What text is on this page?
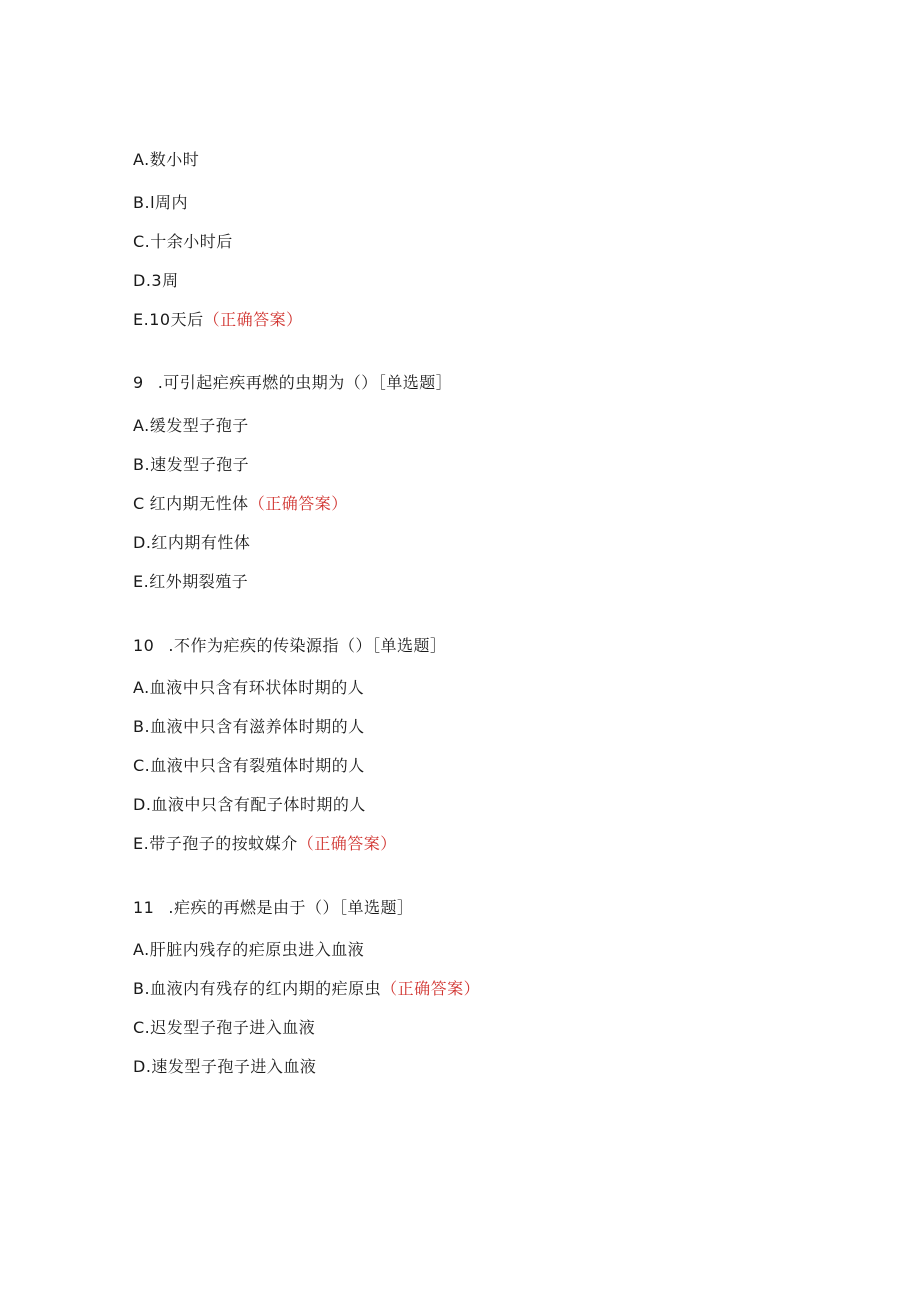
A.数小时
B.l周内
C.十余小时后
D.3周
E.10天后（正确答案）
9 .可引起疟疾再燃的虫期为（）［单选题］
A.缓发型子孢子
B.速发型子孢子
C 红内期无性体（正确答案）
D.红内期有性体
E.红外期裂殖子
10 .不作为疟疾的传染源指（）［单选题］
A.血液中只含有环状体时期的人
B.血液中只含有滋养体时期的人
C.血液中只含有裂殖体时期的人
D.血液中只含有配子体时期的人
E.带子孢子的按蚊媒介（正确答案）
11 .疟疾的再燃是由于（）［单选题］
A.肝脏内残存的疟原虫进入血液
B.血液内有残存的红内期的疟原虫（正确答案）
C.迟发型子孢子进入血液
D.速发型子孢子进入血液
